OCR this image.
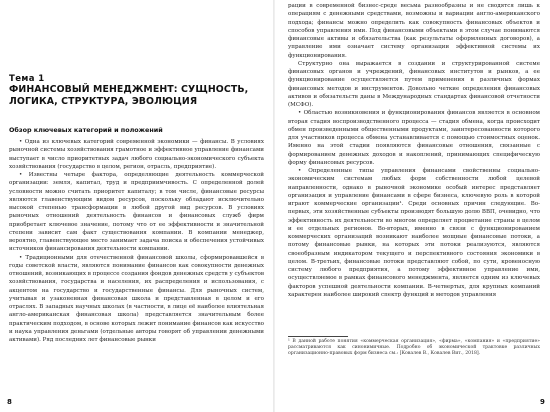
Тема 1
ФИНАНСОВЫЙ МЕНЕДЖМЕНТ: СУЩНОСТЬ, ЛОГИКА, СТРУКТУРА, ЭВОЛЮЦИЯ
Обзор ключевых категорий и положений

• Одна из ключевых категорий современной экономики — финансы. В условиях рыночной системы хозяйствования грамотное и эффективное управление финансами выступает в число приоритетных задач любого социально-экономического субъекта хозяйствования (государство в целом, регион, отрасль, предприятие).

• Известны четыре фактора, определяющие деятельность коммерческой организации: земля, капитал, труд и предприимчивость. С определенной долей условности можно считать приоритет капиталу; в том числе, финансовые ресурсы являются главенствующим видом ресурсов, поскольку обладают исключительно высокой степенью трансформации в любой другой вид ресурсов. В условиях рыночных отношений деятельность финансов и финансовых служб фирм приобретает ключевое значение, потому что от ее эффективности и значительной степени зависит сам факт существования компании. В компании менеджер, вероятно, главенствующее место занимает задача поиска и обеспечения устойчивых источников финансирования деятельности компании.

• Традиционными для отечественной финансовой школы, сформировавшейся в годы советской власти, являются понимание финансов как совокупности денежных отношений, возникающих в процессе создания фондов денежных средств у субъектов хозяйствования, государства и населения, их распределения и использования, с акцентом на государство и государственные финансы. Для рыночных систем, учитывая и узаконенная финансовая школа и представленная в целом и его отраслях. В западных научных школах (в частности, в лице её наиболее влиятельная англо-американская финансовая школа) представляется значительным более практическим подходом, в основе которых лежит понимание финансов как искусство и наука управления деньгами (отдельные авторы говорят об управлении денежными активами). Ряд последних лет финансовые рынки

8

рации в современной бизнес-среде весьма разнообразны и не сводятся лишь к операциям с денежными средствами, возможны и вариации англо-американского подхода; финансы можно определить как совокупность финансовых объектов и способов управления ими. Под финансовыми объектами в этом случае понимаются финансовые активы и обязательства (как результаты оформленных договоров), а управление ими означает систему организации эффективной системы их функционирования.

Структурно она выражается в создании и структурированной системе финансовых органов и учреждений, финансовых институтов и рынков, а ее функционирование осуществляется путем применения в различных формах финансовых методов и инструментов. Довольно четкие определения финансовых активов и обязательств даны в Международных стандартах финансовой отчетности (МСФО).

• Областью возникновения и функционирования финансов является в основном вторая стадия воспроизводственного процесса — стадия обмена, когда происходит обмен произведенными общественными продуктами, заинтересованности которого для участников процесса обмена устанавливается с помощью стоимостных оценок. Именно на этой стадии появляются финансовые отношения, связанные с формированием денежных доходов и накоплений, принимающих специфическую форму финансовых ресурсов.

• Определенные типы управления финансами свойственны социально-экономическим системам любых форм собственности любой целевой направленности, однако в рыночной экономике особый интерес представляет организация и управление финансами в сфере бизнеса, ключевую роль в которой играют коммерческие организации¹. Среди основных причин следующие. Во-первых, эти хозяйственные субъекты производят большую долю ВВП, очевидно, что эффективность их деятельности во многом определяет процветание страны в целом и ее отдельных регионов. Во-вторых, именно в связи с функционированием коммерческих организаций возникают наиболее мощные финансовые потоки, а потому финансовые рынки, на которых эти потоки реализуются, являются своеобразным индикатором текущего и перспективного состояния экономики в целом. В-третьих, финансовые потоки представляют собой, по сути, кровеносную систему любого предприятия, а потому эффективное управление ими, осуществляемое в рамках финансового менеджмента, является одним из ключевых факторов успешной деятельности компании. В-четвертых, для крупных компаний характерен наиболее широкий спектр функций и методов управления

¹ В данной работе понятия «коммерческая организация», «фирма», «компания» и «предприятие» рассматриваются как синонимичные. Подробно об экономической трактовке различных организационно-правовых форм бизнеса см.: [Ковалев В., Ковалев Вит., 2018].
9
